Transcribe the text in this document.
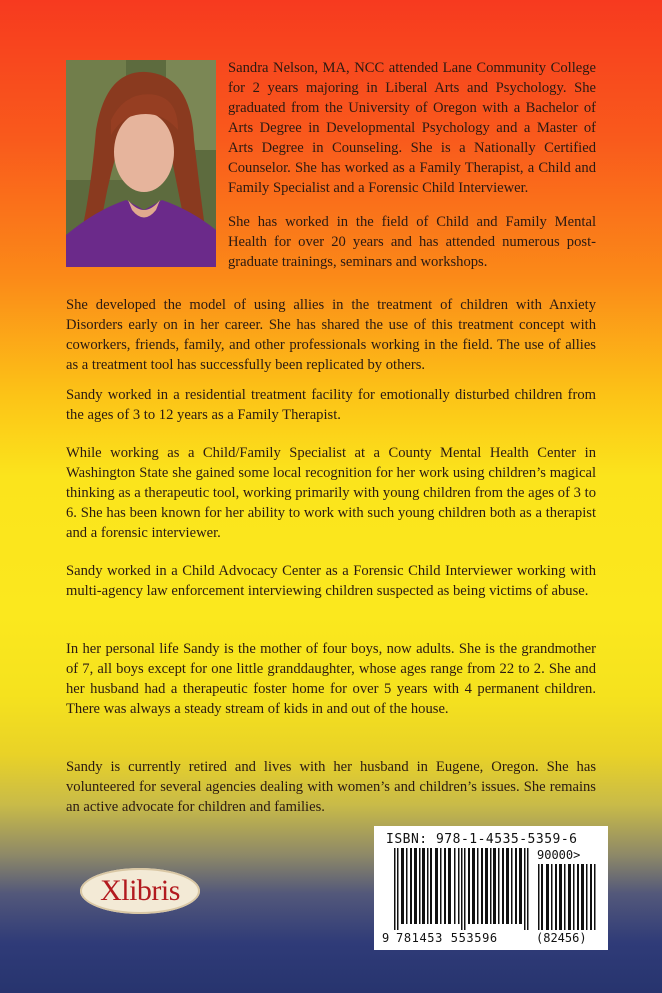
Sandra Nelson, MA, NCC attended Lane Community College for 2 years majoring in Liberal Arts and Psychology. She graduated from the University of Oregon with a Bachelor of Arts Degree in Developmental Psychology and a Master of Arts Degree in Counseling. She is a Nationally Certified Counselor. She has worked as a Family Therapist, a Child and Family Specialist and a Forensic Child Interviewer.

She has worked in the field of Child and Family Mental Health for over 20 years and has attended numerous post-graduate trainings, seminars and workshops.

She developed the model of using allies in the treatment of children with Anxiety Disorders early on in her career. She has shared the use of this treatment concept with coworkers, friends, family, and other professionals working in the field. The use of allies as a treatment tool has successfully been replicated by others.

Sandy worked in a residential treatment facility for emotionally disturbed children from the ages of 3 to 12 years as a Family Therapist.

While working as a Child/Family Specialist at a County Mental Health Center in Washington State she gained some local recognition for her work using children’s magical thinking as a therapeutic tool, working primarily with young children from the ages of 3 to 6. She has been known for her ability to work with such young children both as a therapist and a forensic interviewer.

Sandy worked in a Child Advocacy Center as a Forensic Child Interviewer working with multi-agency law enforcement interviewing children suspected as being victims of abuse.

In her personal life Sandy is the mother of four boys, now adults. She is the grandmother of 7, all boys except for one little granddaughter, whose ages range from 22 to 2. She and her husband had a therapeutic foster home for over 5 years with 4 permanent children. There was always a steady stream of kids in and out of the house.

Sandy is currently retired and lives with her husband in Eugene, Oregon. She has volunteered for several agencies dealing with women’s and children’s issues. She remains an active advocate for children and families.

Xlibris
ISBN: 978-1-4535-5359-6
90000>
9 781453 553596	(82456)
